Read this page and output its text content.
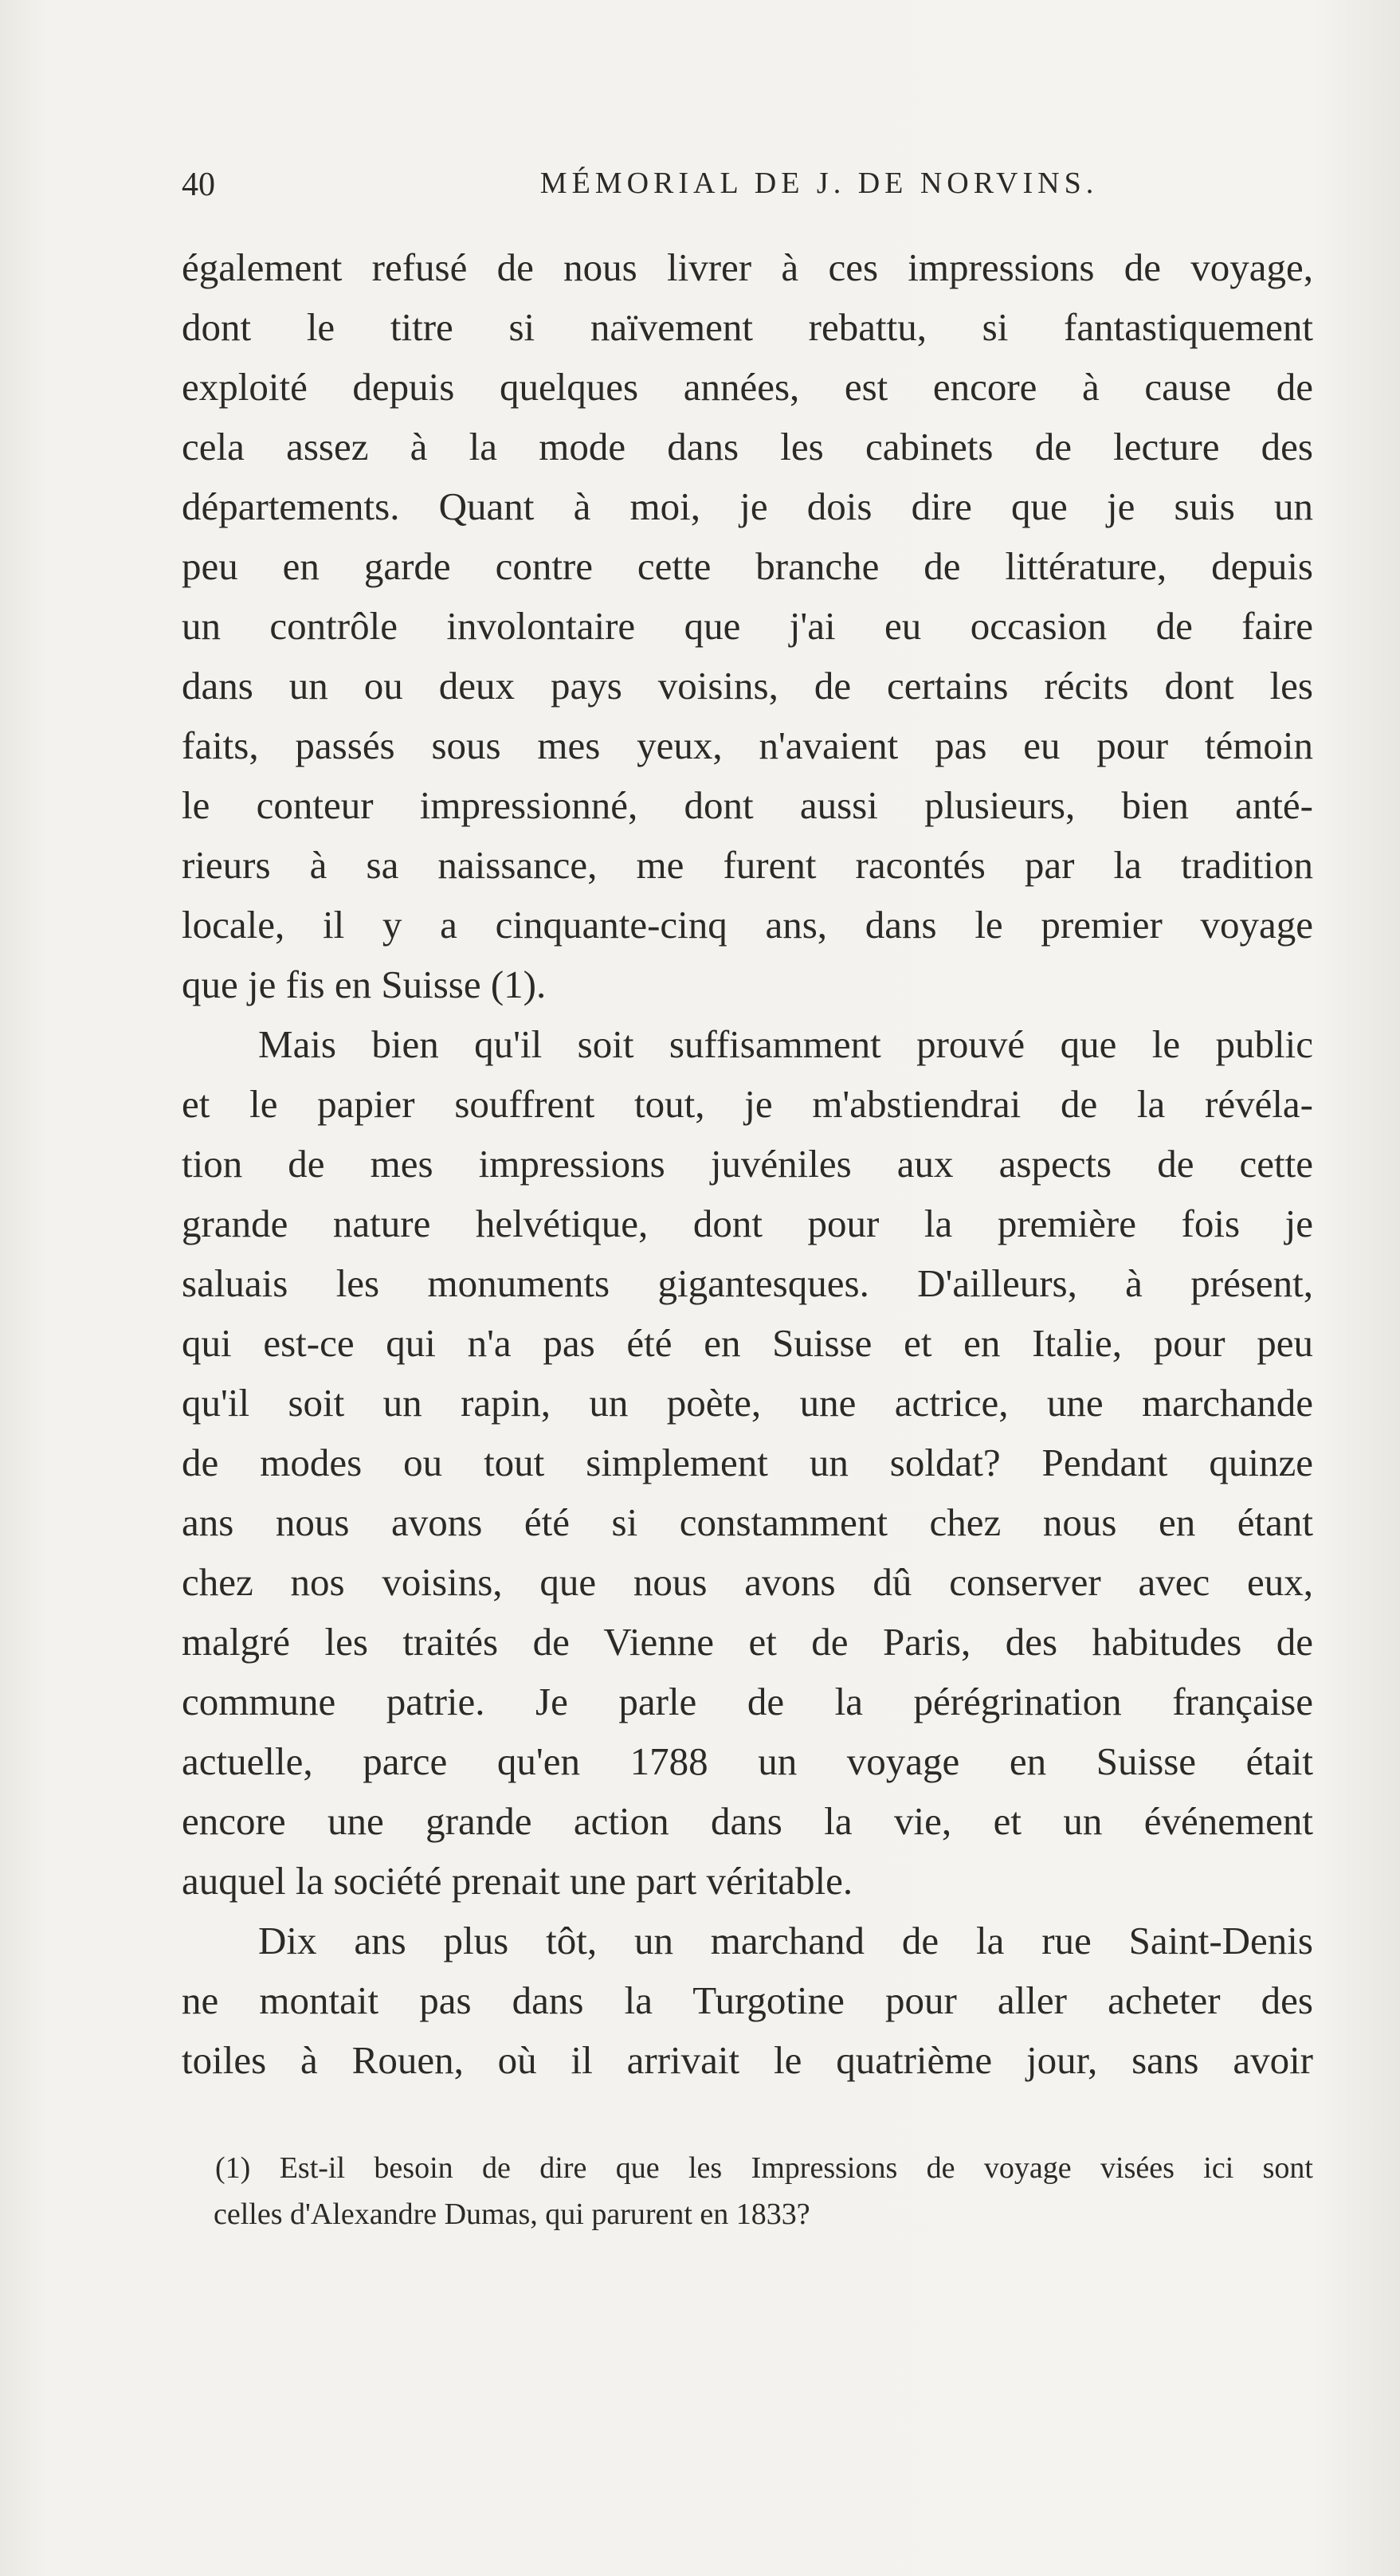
40	MÉMORIAL DE J. DE NORVINS.
également refusé de nous livrer à ces impressions de voyage,
dont le titre si naïvement rebattu, si fantastiquement
exploité depuis quelques années, est encore à cause de
cela assez à la mode dans les cabinets de lecture des
départements. Quant à moi, je dois dire que je suis un
peu en garde contre cette branche de littérature, depuis
un contrôle involontaire que j'ai eu occasion de faire
dans un ou deux pays voisins, de certains récits dont les
faits, passés sous mes yeux, n'avaient pas eu pour témoin
le conteur impressionné, dont aussi plusieurs, bien anté-
rieurs à sa naissance, me furent racontés par la tradition
locale, il y a cinquante-cinq ans, dans le premier voyage
que je fis en Suisse (1).
Mais bien qu'il soit suffisamment prouvé que le public
et le papier souffrent tout, je m'abstiendrai de la révéla-
tion de mes impressions juvéniles aux aspects de cette
grande nature helvétique, dont pour la première fois je
saluais les monuments gigantesques. D'ailleurs, à présent,
qui est-ce qui n'a pas été en Suisse et en Italie, pour peu
qu'il soit un rapin, un poète, une actrice, une marchande
de modes ou tout simplement un soldat? Pendant quinze
ans nous avons été si constamment chez nous en étant
chez nos voisins, que nous avons dû conserver avec eux,
malgré les traités de Vienne et de Paris, des habitudes de
commune patrie. Je parle de la pérégrination française
actuelle, parce qu'en 1788 un voyage en Suisse était
encore une grande action dans la vie, et un événement
auquel la société prenait une part véritable.
Dix ans plus tôt, un marchand de la rue Saint-Denis
ne montait pas dans la Turgotine pour aller acheter des
toiles à Rouen, où il arrivait le quatrième jour, sans avoir
(1) Est-il besoin de dire que les Impressions de voyage visées ici sont
celles d'Alexandre Dumas, qui parurent en 1833?
